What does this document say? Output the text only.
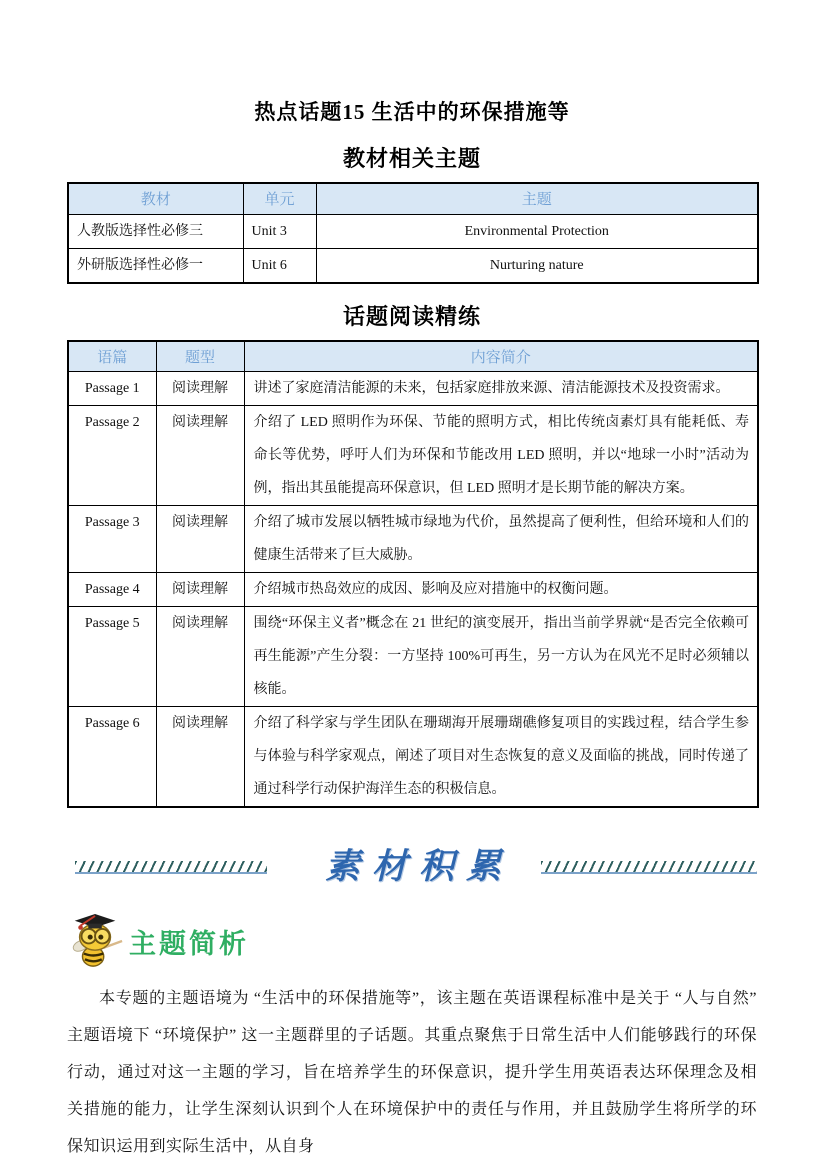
热点话题15 生活中的环保措施等
教材相关主题
教材	单元	主题
人教版选择性必修三	Unit 3	Environmental Protection
外研版选择性必修一	Unit 6	Nurturing nature
话题阅读精练
语篇	题型	内容简介
Passage 1	阅读理解	讲述了家庭清洁能源的未来，包括家庭排放来源、清洁能源技术及投资需求。
Passage 2	阅读理解	介绍了 LED 照明作为环保、节能的照明方式，相比传统卤素灯具有能耗低、寿命长等优势，呼吁人们为环保和节能改用 LED 照明，并以“地球一小时”活动为例，指出其虽能提高环保意识，但 LED 照明才是长期节能的解决方案。
Passage 3	阅读理解	介绍了城市发展以牺牲城市绿地为代价，虽然提高了便利性，但给环境和人们的健康生活带来了巨大威胁。
Passage 4	阅读理解	介绍城市热岛效应的成因、影响及应对措施中的权衡问题。
Passage 5	阅读理解	围绕“环保主义者”概念在 21 世纪的演变展开，指出当前学界就“是否完全依赖可再生能源”产生分裂：一方坚持 100%可再生，另一方认为在风光不足时必须辅以核能。
Passage 6	阅读理解	介绍了科学家与学生团队在珊瑚海开展珊瑚礁修复项目的实践过程，结合学生参与体验与科学家观点，阐述了项目对生态恢复的意义及面临的挑战，同时传递了通过科学行动保护海洋生态的积极信息。
素材积累
主题简析
本专题的主题语境为 “生活中的环保措施等”，该主题在英语课程标准中是关于 “人与自然” 主题语境下 “环境保护” 这一主题群里的子话题。其重点聚焦于日常生活中人们能够践行的环保行动，通过对这一主题的学习，旨在培养学生的环保意识，提升学生用英语表达环保理念及相关措施的能力，让学生深刻认识到个人在环境保护中的责任与作用，并且鼓励学生将所学的环保知识运用到实际生活中，从自身
